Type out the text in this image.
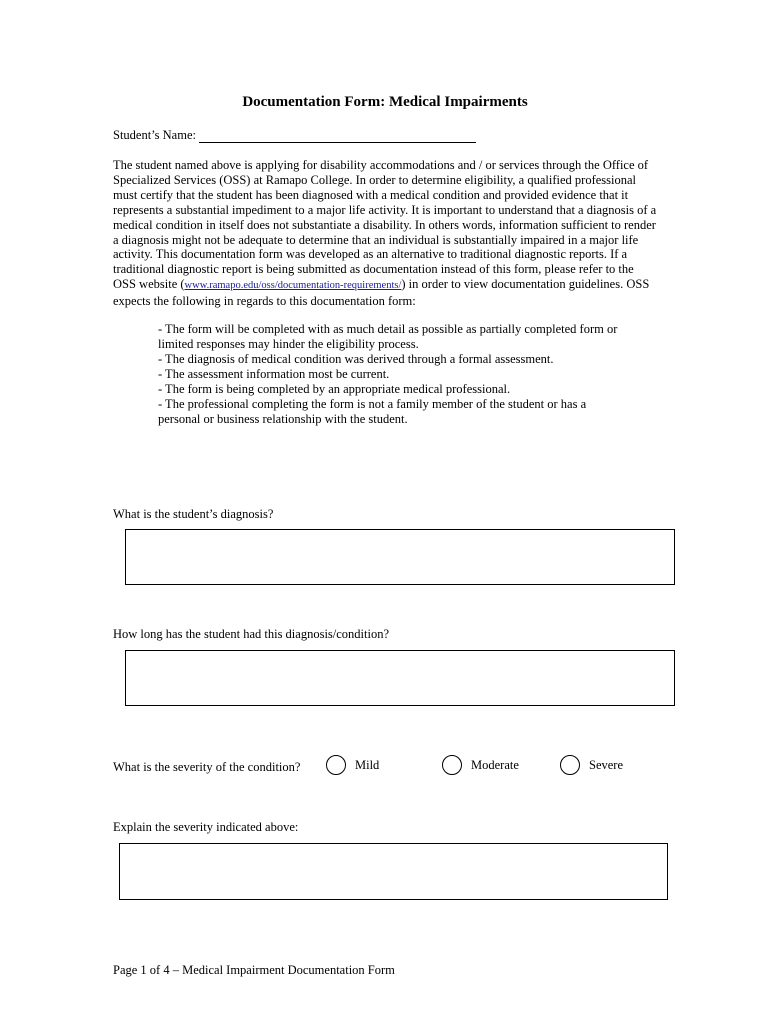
Documentation Form: Medical Impairments
Student’s Name:

The student named above is applying for disability accommodations and / or services through the Office of Specialized Services (OSS) at Ramapo College. In order to determine eligibility, a qualified professional must certify that the student has been diagnosed with a medical condition and provided evidence that it represents a substantial impediment to a major life activity. It is important to understand that a diagnosis of a medical condition in itself does not substantiate a disability. In others words, information sufficient to render a diagnosis might not be adequate to determine that an individual is substantially impaired in a major life activity. This documentation form was developed as an alternative to traditional diagnostic reports. If a traditional diagnostic report is being submitted as documentation instead of this form, please refer to the OSS website (www.ramapo.edu/oss/documentation-requirements/) in order to view documentation guidelines. OSS expects the following in regards to this documentation form:

- The form will be completed with as much detail as possible as partially completed form or limited responses may hinder the eligibility process.
- The diagnosis of medical condition was derived through a formal assessment.
- The assessment information most be current.
- The form is being completed by an appropriate medical professional.
- The professional completing the form is not a family member of the student or has a personal or business relationship with the student.

What is the student’s diagnosis?

How long has the student had this diagnosis/condition?

What is the severity of the condition?	Mild	Moderate	Severe

Explain the severity indicated above:

Page 1 of 4 – Medical Impairment Documentation Form
